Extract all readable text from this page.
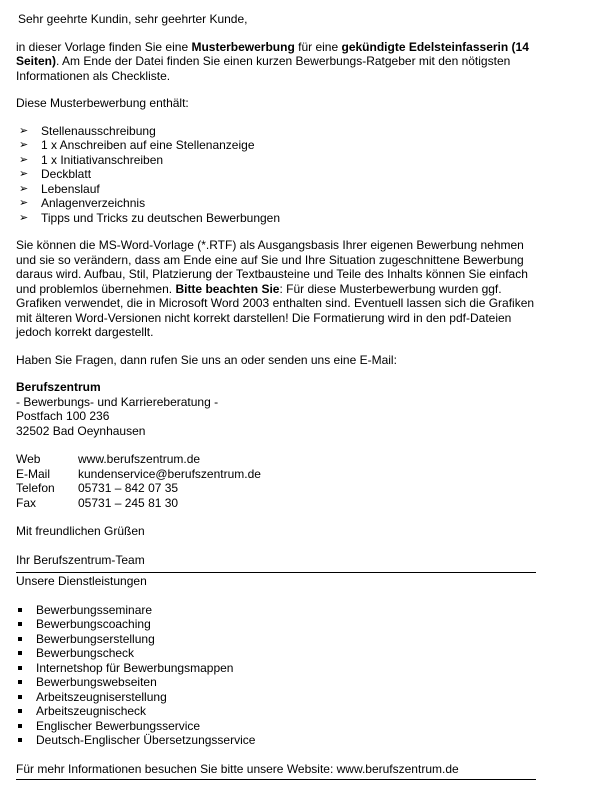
Sehr geehrte Kundin, sehr geehrter Kunde,

in dieser Vorlage finden Sie eine Musterbewerbung für eine gekündigte Edelsteinfasserin (14 Seiten). Am Ende der Datei finden Sie einen kurzen Bewerbungs-Ratgeber mit den nötigsten Informationen als Checkliste.

Diese Musterbewerbung enthält:

➢ Stellenausschreibung
➢ 1 x Anschreiben auf eine Stellenanzeige
➢ 1 x Initiativanschreiben
➢ Deckblatt
➢ Lebenslauf
➢ Anlagenverzeichnis
➢ Tipps und Tricks zu deutschen Bewerbungen

Sie können die MS-Word-Vorlage (*.RTF) als Ausgangsbasis Ihrer eigenen Bewerbung nehmen und sie so verändern, dass am Ende eine auf Sie und Ihre Situation zugeschnittene Bewerbung daraus wird. Aufbau, Stil, Platzierung der Textbausteine und Teile des Inhalts können Sie einfach und problemlos übernehmen. Bitte beachten Sie: Für diese Musterbewerbung wurden ggf. Grafiken verwendet, die in Microsoft Word 2003 enthalten sind. Eventuell lassen sich die Grafiken mit älteren Word-Versionen nicht korrekt darstellen! Die Formatierung wird in den pdf-Dateien jedoch korrekt dargestellt.

Haben Sie Fragen, dann rufen Sie uns an oder senden uns eine E-Mail:

Berufszentrum

- Bewerbungs- und Karriereberatung -

Postfach 100 236

32502 Bad Oeynhausen

Web	www.berufszentrum.de
E-Mail	kundenservice@berufszentrum.de
Telefon	05731 – 842 07 35
Fax	05731 – 245 81 30

Mit freundlichen Grüßen

Ihr Berufszentrum-Team

Unsere Dienstleistungen

Bewerbungsseminare
Bewerbungscoaching
Bewerbungserstellung
Bewerbungscheck
Internetshop für Bewerbungsmappen
Bewerbungswebseiten
Arbeitszeugniserstellung
Arbeitszeugnischeck
Englischer Bewerbungsservice
Deutsch-Englischer Übersetzungsservice

Für mehr Informationen besuchen Sie bitte unsere Website: www.berufszentrum.de
